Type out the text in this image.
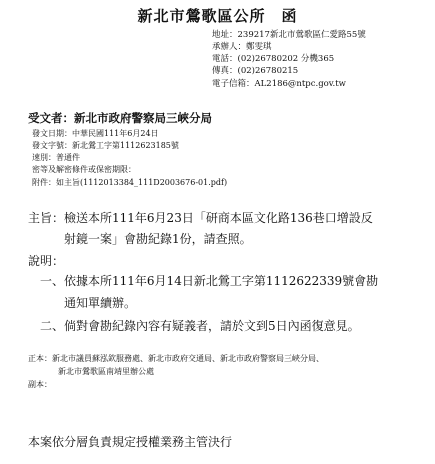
新北市鶯歌區公所　函
地址：239217新北市鶯歌區仁愛路55號
承辦人：鄭雯琪
電話：(02)26780202 分機365
傳真：(02)26780215
電子信箱：AL2186@ntpc.gov.tw
受文者：新北市政府警察局三峽分局
發文日期：中華民國111年6月24日
發文字號：新北鶯工字第1112623185號
速別：普通件
密等及解密條件或保密期限：
附件：如主旨(1112013384_111D2003676-01.pdf)
主旨：檢送本所111年6月23日「研商本區文化路136巷口增設反
射鏡一案」會勘紀錄1份，請查照。
說明：
一、依據本所111年6月14日新北鶯工字第1112622339號會勘
通知單續辦。
二、倘對會勘紀錄內容有疑義者，請於文到5日內函復意見。
正本：新北市議員蘇泓欽服務處、新北市政府交通局、新北市政府警察局三峽分局、
新北市鶯歌區南靖里辦公處
副本：
本案依分層負責規定授權業務主管決行
